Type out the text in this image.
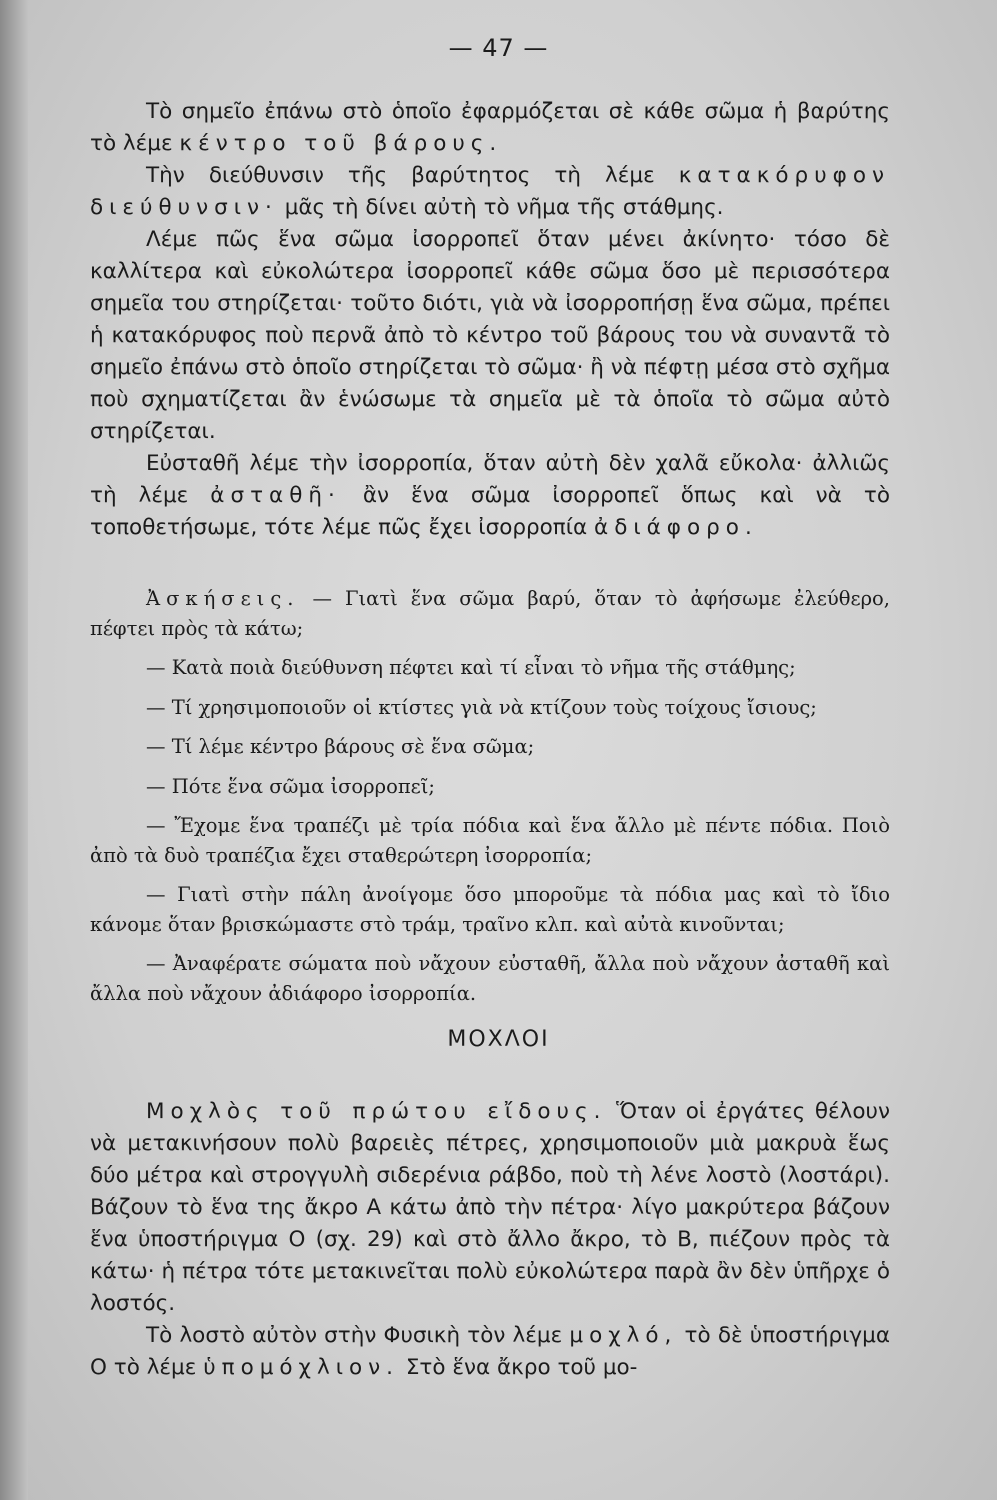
— 47 —

Τὸ σημεῖο ἐπάνω στὸ ὁποῖο ἐφαρμόζεται σὲ κάθε σῶμα ἡ βαρύτης τὸ λέμε κέντρο τοῦ βάρους.

Τὴν διεύθυνσιν τῆς βαρύτητος τὴ λέμε κατακόρυφον διεύθυνσιν· μᾶς τὴ δίνει αὐτὴ τὸ νῆμα τῆς στάθμης.

Λέμε πῶς ἕνα σῶμα ἰσορροπεῖ ὅταν μένει ἀκίνητο· τόσο δὲ καλλίτερα καὶ εὐκολώτερα ἰσορροπεῖ κάθε σῶμα ὅσο μὲ περισσότερα σημεῖα του στηρίζεται· τοῦτο διότι, γιὰ νὰ ἰσορροπήσῃ ἕνα σῶμα, πρέπει ἡ κατακόρυφος ποὺ περνᾶ ἀπὸ τὸ κέντρο τοῦ βάρους του νὰ συναντᾶ τὸ σημεῖο ἐπάνω στὸ ὁποῖο στηρίζεται τὸ σῶμα· ἢ νὰ πέφτῃ μέσα στὸ σχῆμα ποὺ σχηματίζεται ἂν ἑνώσωμε τὰ σημεῖα μὲ τὰ ὁποῖα τὸ σῶμα αὐτὸ στηρίζεται.

Εὐσταθῆ λέμε τὴν ἰσορροπία, ὅταν αὐτὴ δὲν χαλᾶ εὔκολα· ἀλλιῶς τὴ λέμε ἀσταθῆ· ἂν ἕνα σῶμα ἰσορροπεῖ ὅπως καὶ νὰ τὸ τοποθετήσωμε, τότε λέμε πῶς ἔχει ἰσορροπία ἀδιάφορο.

Ἀσκήσεις. — Γιατὶ ἕνα σῶμα βαρύ, ὅταν τὸ ἀφήσωμε ἐλεύθερο, πέφτει πρὸς τὰ κάτω;

— Κατὰ ποιὰ διεύθυνση πέφτει καὶ τί εἶναι τὸ νῆμα τῆς στάθμης;

— Τί χρησιμοποιοῦν οἱ κτίστες γιὰ νὰ κτίζουν τοὺς τοίχους ἴσιους;

— Τί λέμε κέντρο βάρους σὲ ἕνα σῶμα;

— Πότε ἕνα σῶμα ἰσορροπεῖ;

— Ἔχομε ἕνα τραπέζι μὲ τρία πόδια καὶ ἕνα ἄλλο μὲ πέντε πόδια. Ποιὸ ἀπὸ τὰ δυὸ τραπέζια ἔχει σταθερώτερη ἰσορροπία;

— Γιατὶ στὴν πάλη ἀνοίγομε ὅσο μποροῦμε τὰ πόδια μας καὶ τὸ ἴδιο κάνομε ὅταν βρισκώμαστε στὸ τράμ, τραῖνο κλπ. καὶ αὐτὰ κινοῦνται;

— Ἀναφέρατε σώματα ποὺ νἄχουν εὐσταθῆ, ἄλλα ποὺ νἄχουν ἀσταθῆ καὶ ἄλλα ποὺ νἄχουν ἀδιάφορο ἰσορροπία.

ΜΟΧΛΟΙ

Μοχλὸς τοῦ πρώτου εἴδους. Ὅταν οἱ ἐργάτες θέλουν νὰ μετακινήσουν πολὺ βαρειὲς πέτρες, χρησιμοποιοῦν μιὰ μακρυὰ ἕως δύο μέτρα καὶ στρογγυλὴ σιδερένια ράβδο, ποὺ τὴ λένε λοστὸ (λοστάρι). Βάζουν τὸ ἕνα της ἄκρο Α κάτω ἀπὸ τὴν πέτρα· λίγο μακρύτερα βάζουν ἕνα ὑποστήριγμα Ο (σχ. 29) καὶ στὸ ἄλλο ἄκρο, τὸ Β, πιέζουν πρὸς τὰ κάτω· ἡ πέτρα τότε μετακινεῖται πολὺ εὐκολώτερα παρὰ ἂν δὲν ὑπῆρχε ὁ λοστός.

Τὸ λοστὸ αὐτὸν στὴν Φυσικὴ τὸν λέμε μοχλό, τὸ δὲ ὑποστήριγμα Ο τὸ λέμε ὑπομόχλιον. Στὸ ἕνα ἄκρο τοῦ μο-
